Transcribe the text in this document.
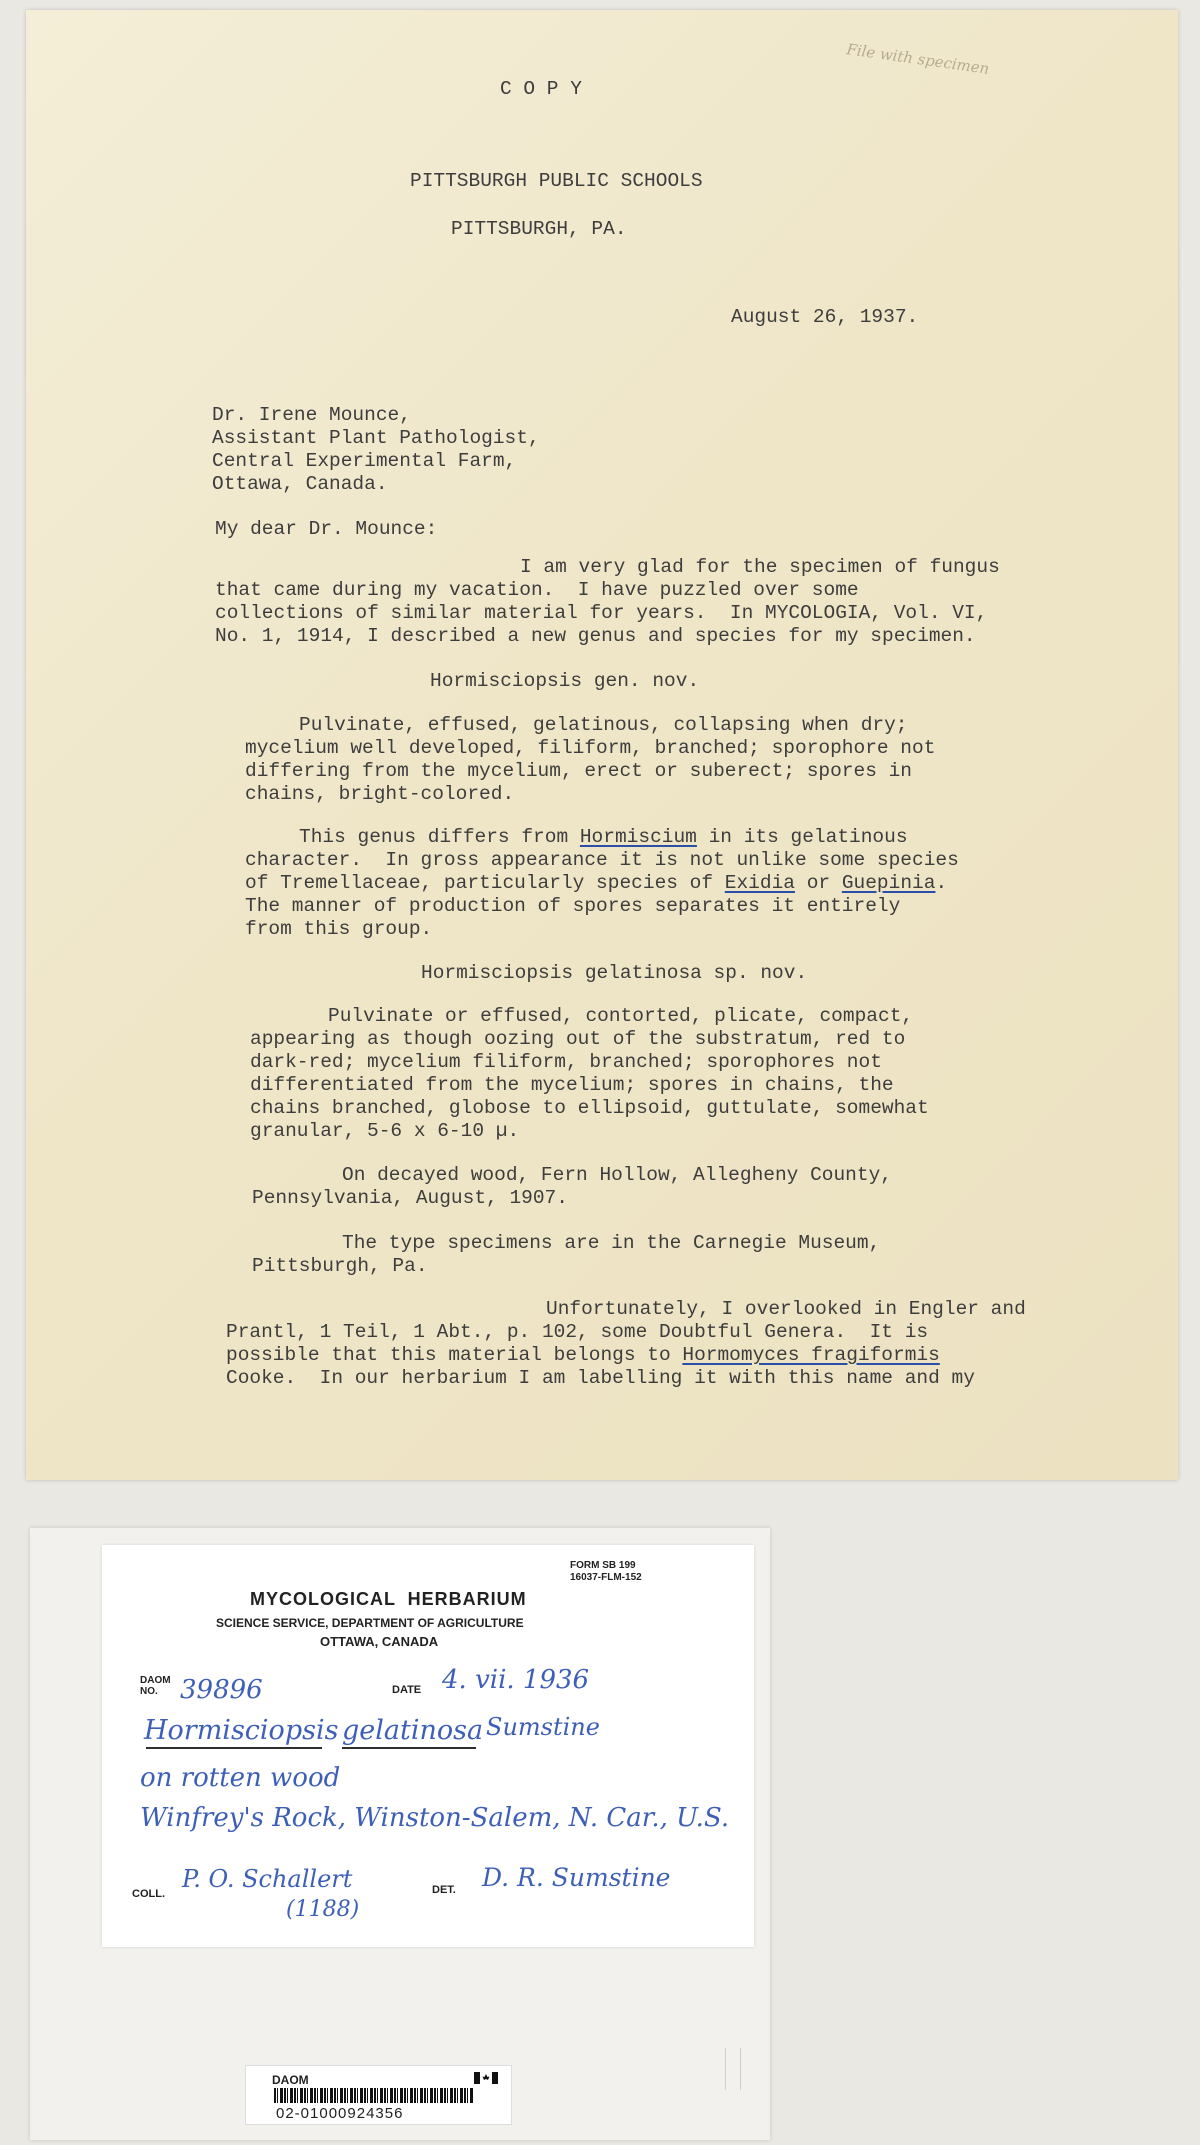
File with specimen
C O P Y
PITTSBURGH PUBLIC SCHOOLS
PITTSBURGH, PA.
August 26, 1937.
Dr. Irene Mounce,
Assistant Plant Pathologist,
Central Experimental Farm,
Ottawa, Canada.
My dear Dr. Mounce:
I am very glad for the specimen of fungus
that came during my vacation.  I have puzzled over some
collections of similar material for years.  In MYCOLOGIA, Vol. VI,
No. 1, 1914, I described a new genus and species for my specimen.
Hormisciopsis gen. nov.
Pulvinate, effused, gelatinous, collapsing when dry;
mycelium well developed, filiform, branched; sporophore not
differing from the mycelium, erect or suberect; spores in
chains, bright-colored.
This genus differs from Hormiscium in its gelatinous
character.  In gross appearance it is not unlike some species
of Tremellaceae, particularly species of Exidia or Guepinia.
The manner of production of spores separates it entirely
from this group.
Hormisciopsis gelatinosa sp. nov.
Pulvinate or effused, contorted, plicate, compact,
appearing as though oozing out of the substratum, red to
dark-red; mycelium filiform, branched; sporophores not
differentiated from the mycelium; spores in chains, the
chains branched, globose to ellipsoid, guttulate, somewhat
granular, 5-6 x 6-10 µ.
On decayed wood, Fern Hollow, Allegheny County,
Pennsylvania, August, 1907.
The type specimens are in the Carnegie Museum,
Pittsburgh, Pa.
Unfortunately, I overlooked in Engler and
Prantl, 1 Teil, 1 Abt., p. 102, some Doubtful Genera.  It is
possible that this material belongs to Hormomyces fragiformis
Cooke.  In our herbarium I am labelling it with this name and my
FORM SB 199
16037-FLM-152
MYCOLOGICAL  HERBARIUM
SCIENCE SERVICE, DEPARTMENT OF AGRICULTURE
OTTAWA, CANADA
DAOM
NO. 39896	DATE 4. vii. 1936
Hormisciopsis gelatinosa Sumstine
on rotten wood
Winfrey's Rock, Winston-Salem, N. Car., U.S.
COLL.
P. O. Schallert
(1188)
DET. D. R. Sumstine
DAOM
02-01000924356
